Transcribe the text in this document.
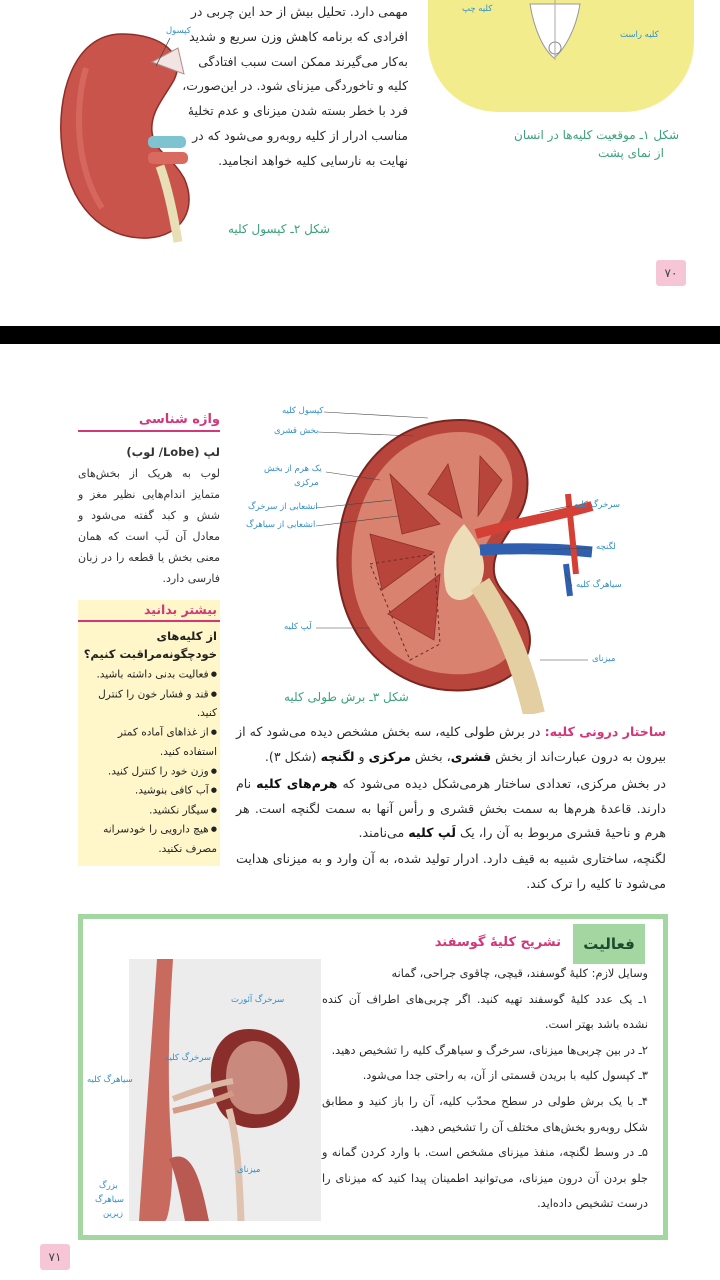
کپسول
مهمی دارد. تحلیل بیش از حد این چربی در
افرادی که برنامه کاهش وزن سریع و شدید
به‌کار می‌گیرند ممکن است سبب افتادگی
کلیه و تاخوردگی میزنای شود. در این‌صورت،
فرد با خطر بسته شدن میزنای و عدم تخلیهٔ
مناسب ادرار از کلیه روبه‌رو می‌شود که در
نهایت به نارسایی کلیه خواهد انجامید.
شکل ۲ـ کپسول کلیه
کلیه چپ
کلیه راست
شکل ۱ـ موقعیت کلیه‌ها در انسان
از نمای پشت
۷۰
واژه شناسی
لپ (Lobe/ لوب)
لوب به هریک از بخش‌های متمایز اندام‌هایی نظیر مغز و شش و کبد گفته می‌شود و معادل آن لَپ است که همان معنی بخش یا قطعه را در زبان فارسی دارد.
بیشتر بدانید
از کلیه‌های خودچگونه‌مراقبت کنیم؟
● فعالیت بدنی داشته باشید.
● قند و فشار خون را کنترل کنید.
● از غذاهای آماده کمتر استفاده کنید.
● وزن خود را کنترل کنید.
● آب کافی بنوشید.
● سیگار نکشید.
● هیچ دارویی را خودسرانه مصرف نکنید.
کپسول کلیه
بخش قشری
یک هرم از بخش
مرکزی
انشعابی از سرخرگ
انشعابی از سیاهرگ
سرخرگ کلیه
لگنچه
سیاهرگ کلیه
لَپ کلیه
میزنای
شکل ۳ـ برش طولی کلیه
ساختار درونی کلیه: در برش طولی کلیه، سه بخش مشخص دیده می‌شود که از بیرون به درون عبارت‌اند از بخش قشری، بخش مرکزی و لگنچه (شکل ۳).
در بخش مرکزی، تعدادی ساختار هرمی‌شکل دیده می‌شود که هرم‌های کلیه نام دارند. قاعدهٔ هرم‌ها به سمت بخش قشری و رأس آنها به سمت لگنچه است. هر هرم و ناحیهٔ قشری مربوط به آن را، یک لَپ کلیه می‌نامند.
لگنچه، ساختاری شبیه به قیف دارد. ادرار تولید شده، به آن وارد و به میزنای هدایت می‌شود تا کلیه را ترک کند.
فعالیت
تشریح کلیهٔ گوسفند
وسایل لازم: کلیهٔ گوسفند، قیچی، چاقوی جراحی، گمانه
۱ـ یک عدد کلیهٔ گوسفند تهیه کنید. اگر چربی‌های اطراف آن کنده نشده باشد بهتر است.
۲ـ در بین چربی‌ها میزنای، سرخرگ و سیاهرگ کلیه را تشخیص دهید.
۳ـ کپسول کلیه با بریدن قسمتی از آن، به راحتی جدا می‌شود.
۴ـ با یک برش طولی در سطح محدّب کلیه، آن را باز کنید و مطابق شکل روبه‌رو بخش‌های مختلف آن را تشخیص دهید.
۵ـ در وسط لگنچه، منفذ میزنای مشخص است. با وارد کردن گمانه و جلو بردن آن درون میزنای، می‌توانید اطمینان پیدا کنید که میزنای را درست تشخیص داده‌اید.
سرخرگ آئورت
سرخرگ کلیه
سیاهرگ کلیه
میزنای
بزرگ
سیاهرگ
زیرین
۷۱
